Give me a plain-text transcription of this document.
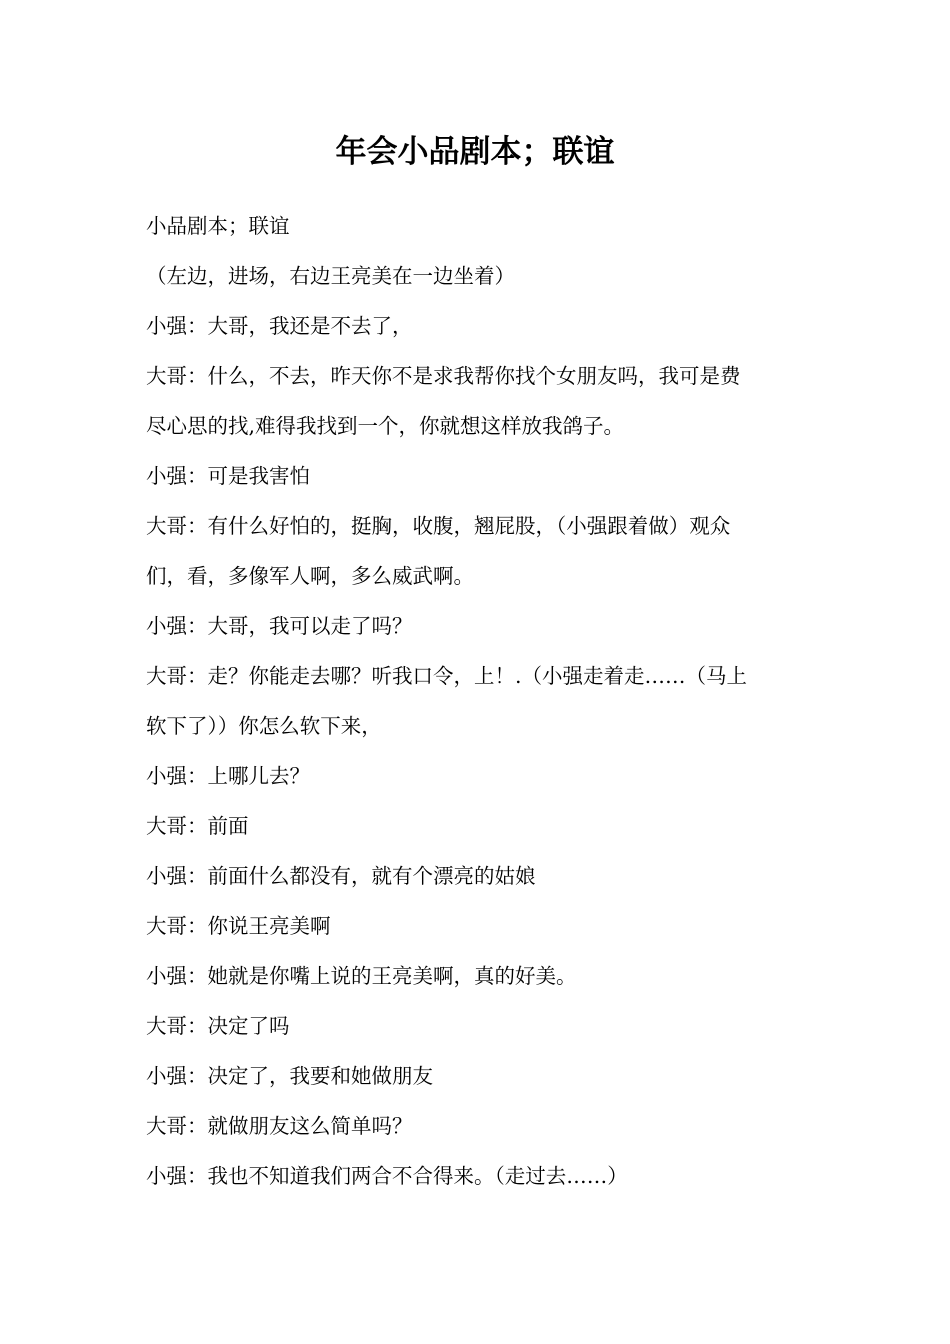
年会小品剧本；联谊

小品剧本；联谊

（左边，进场，右边王亮美在一边坐着）

小强：大哥，我还是不去了，

大哥：什么，不去，昨天你不是求我帮你找个女朋友吗，我可是费

尽心思的找,难得我找到一个，你就想这样放我鸽子。

小强：可是我害怕

大哥：有什么好怕的，挺胸，收腹，翘屁股，（小强跟着做）观众

们，看，多像军人啊，多么威武啊。

小强：大哥，我可以走了吗？

大哥：走？你能走去哪？听我口令，上！.（小强走着走……（马上

软下了））你怎么软下来，

小强：上哪儿去？

大哥：前面

小强：前面什么都没有，就有个漂亮的姑娘

大哥：你说王亮美啊

小强：她就是你嘴上说的王亮美啊，真的好美。

大哥：决定了吗

小强：决定了，我要和她做朋友

大哥：就做朋友这么简单吗？

小强：我也不知道我们两合不合得来。（走过去……）
